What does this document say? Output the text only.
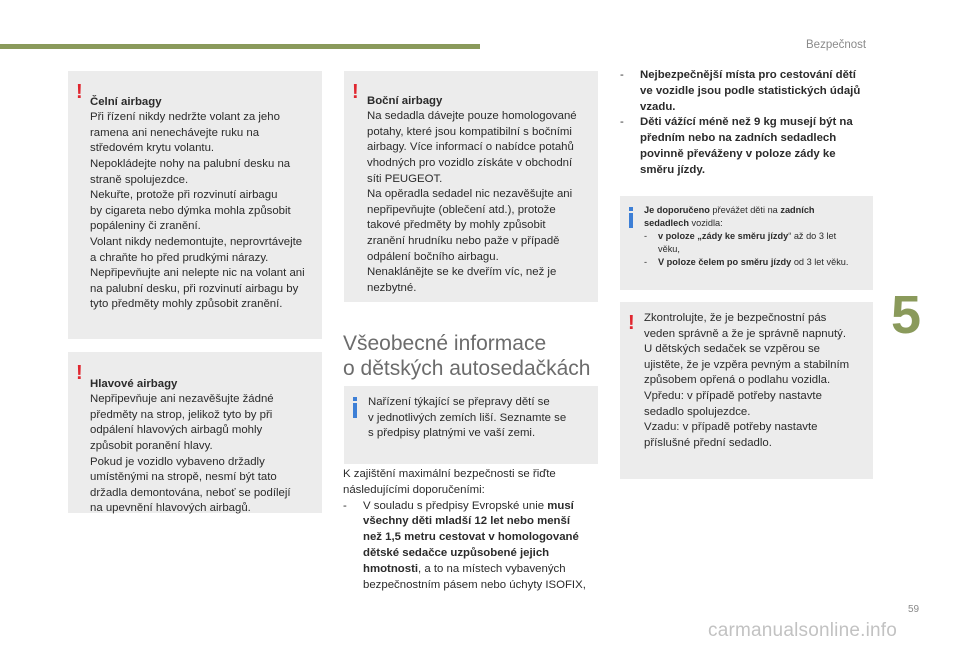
Bezpečnost
5
! Čelní airbagy
Při řízení nikdy nedržte volant za jeho
ramena ani nenechávejte ruku na
středovém krytu volantu.
Nepokládejte nohy na palubní desku na
straně spolujezdce.
Nekuřte, protože při rozvinutí airbagu
by cigareta nebo dýmka mohla způsobit
popáleniny či zranění.
Volant nikdy nedemontujte, neprovrtávejte
a chraňte ho před prudkými nárazy.
Nepřipevňujte ani nelepte nic na volant ani
na palubní desku, při rozvinutí airbagu by
tyto předměty mohly způsobit zranění.

! Hlavové airbagy
Nepřipevňuje ani nezavěšujte žádné
předměty na strop, jelikož tyto by při
odpálení hlavových airbagů mohly
způsobit poranění hlavy.
Pokud je vozidlo vybaveno držadly
umístěnými na stropě, nesmí být tato
držadla demontována, neboť se podílejí
na upevnění hlavových airbagů.

! Boční airbagy
Na sedadla dávejte pouze homologované
potahy, které jsou kompatibilní s bočními
airbagy. Více informací o nabídce potahů
vhodných pro vozidlo získáte v obchodní
síti PEUGEOT.
Na opěradla sedadel nic nezavěšujte ani
nepřipevňujte (oblečení atd.), protože
takové předměty by mohly způsobit
zranění hrudníku nebo paže v případě
odpálení bočního airbagu.
Nenaklánějte se ke dveřím víc, než je
nezbytné.

Všeobecné informace
o dětských autosedačkách
Nařízení týkající se přepravy dětí se
v jednotlivých zemích liší. Seznamte se
s předpisy platnými ve vaší zemi.
K zajištění maximální bezpečnosti se řiďte
následujícími doporučeními:
- V souladu s předpisy Evropské unie musí
všechny děti mladší 12 let nebo menší
než 1,5 metru cestovat v homologované
dětské sedačce uzpůsobené jejich
hmotnosti, a to na místech vybavených
bezpečnostním pásem nebo úchyty ISOFIX,
- Nejbezpečnější místa pro cestování dětí
ve vozidle jsou podle statistických údajů
vzadu.
- Děti vážící méně než 9 kg musejí být na
předním nebo na zadních sedadlech
povinně převáženy v poloze zády ke
směru jízdy.
Je doporučeno převážet děti na zadních
sedadlech vozidla:
- v poloze „zády ke směru jízdy“ až do 3 let
věku,
- V poloze čelem po směru jízdy od 3 let věku.
! Zkontrolujte, že je bezpečnostní pás
veden správně a že je správně napnutý.
U dětských sedaček se vzpěrou se
ujistěte, že je vzpěra pevným a stabilním
způsobem opřená o podlahu vozidla.
Vpředu: v případě potřeby nastavte
sedadlo spolujezdce.
Vzadu: v případě potřeby nastavte
příslušné přední sedadlo.
59
carmanualsonline.info
